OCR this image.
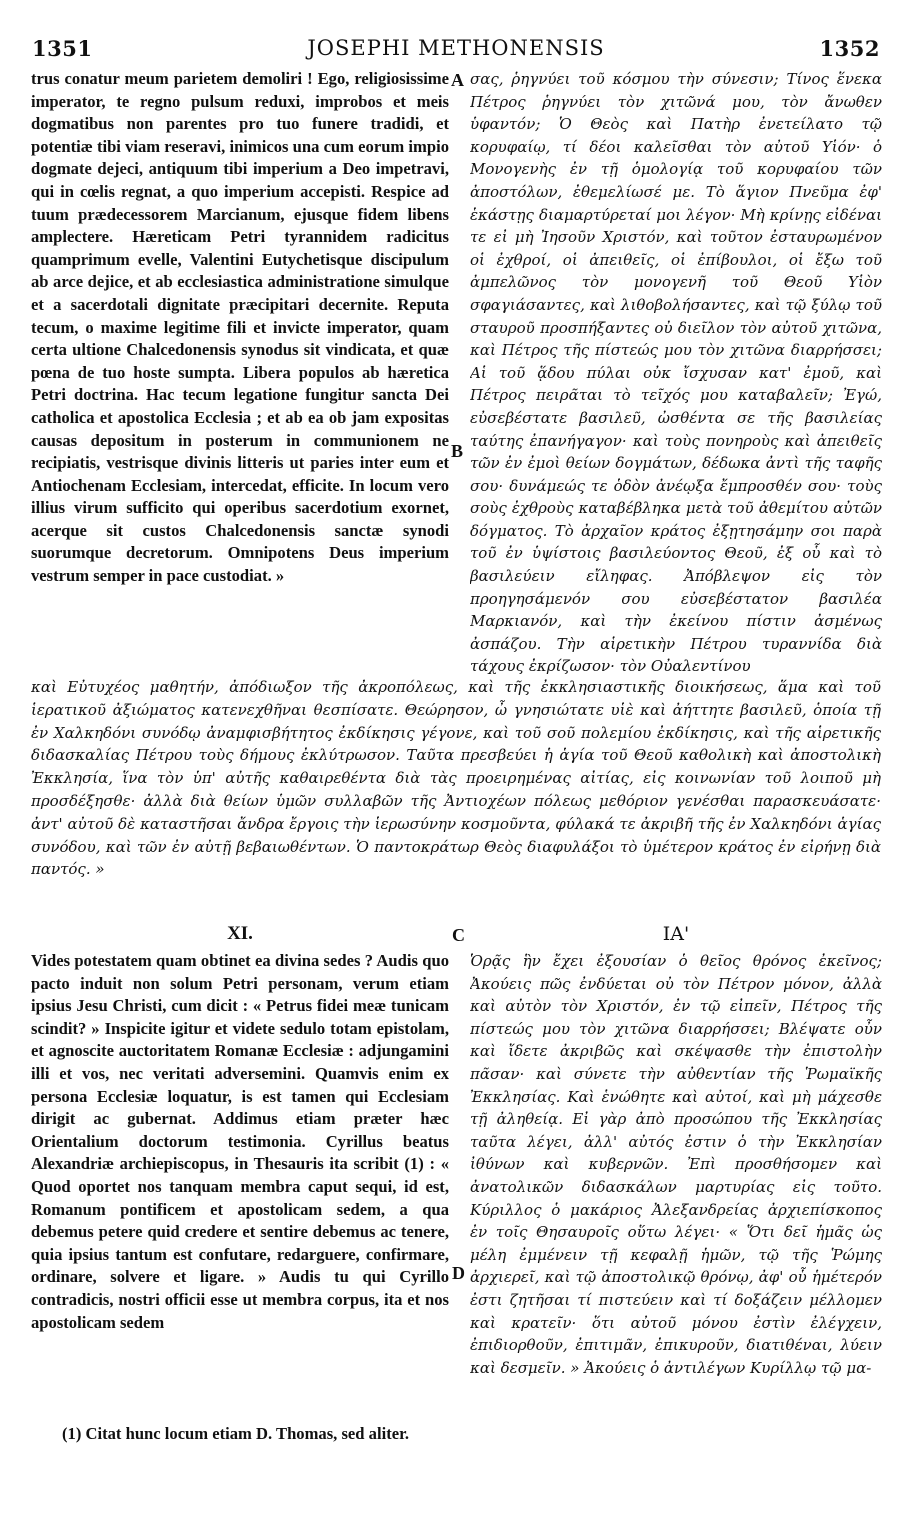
1351	JOSEPHI METHONENSIS	1352

trus conatur meum parietem demoliri ! Ego, religiosissime imperator, te regno pulsum reduxi, improbos et meis dogmatibus non parentes pro tuo funere tradidi, et potentiæ tibi viam reseravi, inimicos una cum eorum impio dogmate dejeci, antiquum tibi imperium a Deo impetravi, qui in cœlis regnat, a quo imperium accepisti. Respice ad tuum prædecessorem Marcianum, ejusque fidem libens amplectere. Hæreticam Petri tyrannidem radicitus quamprimum evelle, Valentini Eutychetisque discipulum ab arce dejice, et ab ecclesiastica administratione simulque et a sacerdotali dignitate præcipitari decernite. Reputa tecum, o maxime legitime fili et invicte imperator, quam certa ultione Chalcedonensis synodus sit vindicata, et quæ pœna de tuo hoste sumpta. Libera populos ab hæretica Petri doctrina. Hac tecum legatione fungitur sancta Dei catholica et apostolica Ecclesia ; et ab ea ob jam expositas causas depositum in posterum in communionem ne recipiatis, vestrisque divinis litteris ut paries inter eum et Antiochenam Ecclesiam, intercedat, efficite. In locum vero illius virum sufficito qui operibus sacerdotium exornet, acerque sit custos Chalcedonensis sanctæ synodi suorumque decretorum. Omnipotens Deus imperium vestrum semper in pace custodiat. »

A
B

σας, ῥηγνύει τοῦ κόσμου τὴν σύνεσιν; Τίνος ἕνεκα Πέτρος ῥηγνύει τὸν χιτῶνά μου, τὸν ἄνωθεν ὑφαντόν; Ὁ Θεὸς καὶ Πατὴρ ἐνετείλατο τῷ κορυφαίῳ, τί δέοι καλεῖσθαι τὸν αὐτοῦ Υἱόν· ὁ Μονογενὴς ἐν τῇ ὁμολογίᾳ τοῦ κορυφαίου τῶν ἀποστόλων, ἐθεμελίωσέ με. Τὸ ἅγιον Πνεῦμα ἐφ' ἑκάστῃς διαμαρτύρεταί μοι λέγον· Μὴ κρίνῃς εἰδέναι τε εἰ μὴ Ἰησοῦν Χριστόν, καὶ τοῦτον ἐσταυρωμένον οἱ ἐχθροί, οἱ ἀπειθεῖς, οἱ ἐπίβουλοι, οἱ ἔξω τοῦ ἀμπελῶνος τὸν μονογενῆ τοῦ Θεοῦ Υἱὸν σφαγιάσαντες, καὶ λιθοβολήσαντες, καὶ τῷ ξύλῳ τοῦ σταυροῦ προσπήξαντες οὐ διεῖλον τὸν αὐτοῦ χιτῶνα, καὶ Πέτρος τῆς πίστεώς μου τὸν χιτῶνα διαρρήσσει; Αἱ τοῦ ᾅδου πύλαι οὐκ ἴσχυσαν κατ' ἐμοῦ, καὶ Πέτρος πειρᾶται τὸ τεῖχός μου καταβαλεῖν; Ἐγώ, εὐσεβέστατε βασιλεῦ, ὠσθέντα σε τῆς βασιλείας ταύτης ἐπανήγαγον· καὶ τοὺς πονηροὺς καὶ ἀπειθεῖς τῶν ἐν ἐμοὶ θείων δογμάτων, δέδωκα ἀντὶ τῆς ταφῆς σου· δυνάμεώς τε ὁδὸν ἀνέῳξα ἔμπροσθέν σου· τοὺς σοὺς ἐχθροὺς καταβέβληκα μετὰ τοῦ ἀθεμίτου αὐτῶν δόγματος. Τὸ ἀρχαῖον κράτος ἐξῃτησάμην σοι παρὰ τοῦ ἐν ὑψίστοις βασιλεύοντος Θεοῦ, ἐξ οὗ καὶ τὸ βασιλεύειν εἴληφας. Ἀπόβλεψον εἰς τὸν προηγησάμενόν σου εὐσεβέστατον βασιλέα Μαρκιανόν, καὶ τὴν ἐκείνου πίστιν ἀσμένως ἀσπάζου. Τὴν αἱρετικὴν Πέτρου τυραννίδα διὰ τάχους ἐκρίζωσον· τὸν Οὐαλεντίνου

καὶ Εὐτυχέος μαθητήν, ἀπόδιωξον τῆς ἀκροπόλεως, καὶ τῆς ἐκκλησιαστικῆς διοικήσεως, ἅμα καὶ τοῦ ἱερατικοῦ ἀξιώματος κατενεχθῆναι θεσπίσατε. Θεώρησον, ὦ γνησιώτατε υἱὲ καὶ ἀήττητε βασιλεῦ, ὁποία τῇ ἐν Χαλκηδόνι συνόδῳ ἀναμφισβήτητος ἐκδίκησις γέγονε, καὶ τοῦ σοῦ πολεμίου ἐκδίκησις, καὶ τῆς αἱρετικῆς διδασκαλίας Πέτρου τοὺς δήμους ἐκλύτρωσον. Ταῦτα πρεσβεύει ἡ ἁγία τοῦ Θεοῦ καθολικὴ καὶ ἀποστολικὴ Ἐκκλησία, ἵνα τὸν ὑπ' αὐτῆς καθαιρεθέντα διὰ τὰς προειρημένας αἰτίας, εἰς κοινωνίαν τοῦ λοιποῦ μὴ προσδέξησθε· ἀλλὰ διὰ θείων ὑμῶν συλλαβῶν τῆς Ἀντιοχέων πόλεως μεθόριον γενέσθαι παρασκευάσατε· ἀντ' αὐτοῦ δὲ καταστῆσαι ἄνδρα ἔργοις τὴν ἱερωσύνην κοσμοῦντα, φύλακά τε ἀκριβῆ τῆς ἐν Χαλκηδόνι ἁγίας συνόδου, καὶ τῶν ἐν αὐτῇ βεβαιωθέντων. Ὁ παντοκράτωρ Θεὸς διαφυλάξοι τὸ ὑμέτερον κράτος ἐν εἰρήνῃ διὰ παντός. »

XI.	C	ΙΑ'

Vides potestatem quam obtinet ea divina sedes ? Audis quo pacto induit non solum Petri personam, verum etiam ipsius Jesu Christi, cum dicit : « Petrus fidei meæ tunicam scindit? » Inspicite igitur et videte sedulo totam epistolam, et agnoscite auctoritatem Romanæ Ecclesiæ : adjungamini illi et vos, nec veritati adversemini. Quamvis enim ex persona Ecclesiæ loquatur, is est tamen qui Ecclesiam dirigit ac gubernat. Addimus etiam præter hæc Orientalium doctorum testimonia. Cyrillus beatus Alexandriæ archiepiscopus, in Thesauris ita scribit (1) : « Quod oportet nos tanquam membra caput sequi, id est, Romanum pontificem et apostolicam sedem, a qua debemus petere quid credere et sentire debemus ac tenere, quia ipsius tantum est confutare, redarguere, confirmare, ordinare, solvere et ligare. » Audis tu qui Cyrillo contradicis, nostri officii esse ut membra corpus, ita et nos apostolicam sedem

D

Ὁρᾷς ἣν ἔχει ἐξουσίαν ὁ θεῖος θρόνος ἐκεῖνος; Ἀκούεις πῶς ἐνδύεται οὐ τὸν Πέτρον μόνον, ἀλλὰ καὶ αὐτὸν τὸν Χριστόν, ἐν τῷ εἰπεῖν, Πέτρος τῆς πίστεώς μου τὸν χιτῶνα διαρρήσσει; Βλέψατε οὖν καὶ ἴδετε ἀκριβῶς καὶ σκέψασθε τὴν ἐπιστολὴν πᾶσαν· καὶ σύνετε τὴν αὐθεντίαν τῆς Ῥωμαϊκῆς Ἐκκλησίας. Καὶ ἑνώθητε καὶ αὐτοί, καὶ μὴ μάχεσθε τῇ ἀληθείᾳ. Εἰ γὰρ ἀπὸ προσώπου τῆς Ἐκκλησίας ταῦτα λέγει, ἀλλ' αὐτός ἐστιν ὁ τὴν Ἐκκλησίαν ἰθύνων καὶ κυβερνῶν. Ἐπὶ προσθήσομεν καὶ ἀνατολικῶν διδασκάλων μαρτυρίας εἰς τοῦτο. Κύριλλος ὁ μακάριος Ἀλεξανδρείας ἀρχιεπίσκοπος ἐν τοῖς Θησαυροῖς οὕτω λέγει· « Ὅτι δεῖ ἡμᾶς ὡς μέλη ἐμμένειν τῇ κεφαλῇ ἡμῶν, τῷ τῆς Ῥώμης ἀρχιερεῖ, καὶ τῷ ἀποστολικῷ θρόνῳ, ἀφ' οὗ ἡμέτερόν ἐστι ζητῆσαι τί πιστεύειν καὶ τί δοξάζειν μέλλομεν καὶ κρατεῖν· ὅτι αὐτοῦ μόνου ἐστὶν ἐλέγχειν, ἐπιδιορθοῦν, ἐπιτιμᾶν, ἐπικυροῦν, διατιθέναι, λύειν καὶ δεσμεῖν. » Ἀκούεις ὁ ἀντιλέγων Κυρίλλῳ τῷ μα-

(1) Citat hunc locum etiam D. Thomas, sed aliter.
